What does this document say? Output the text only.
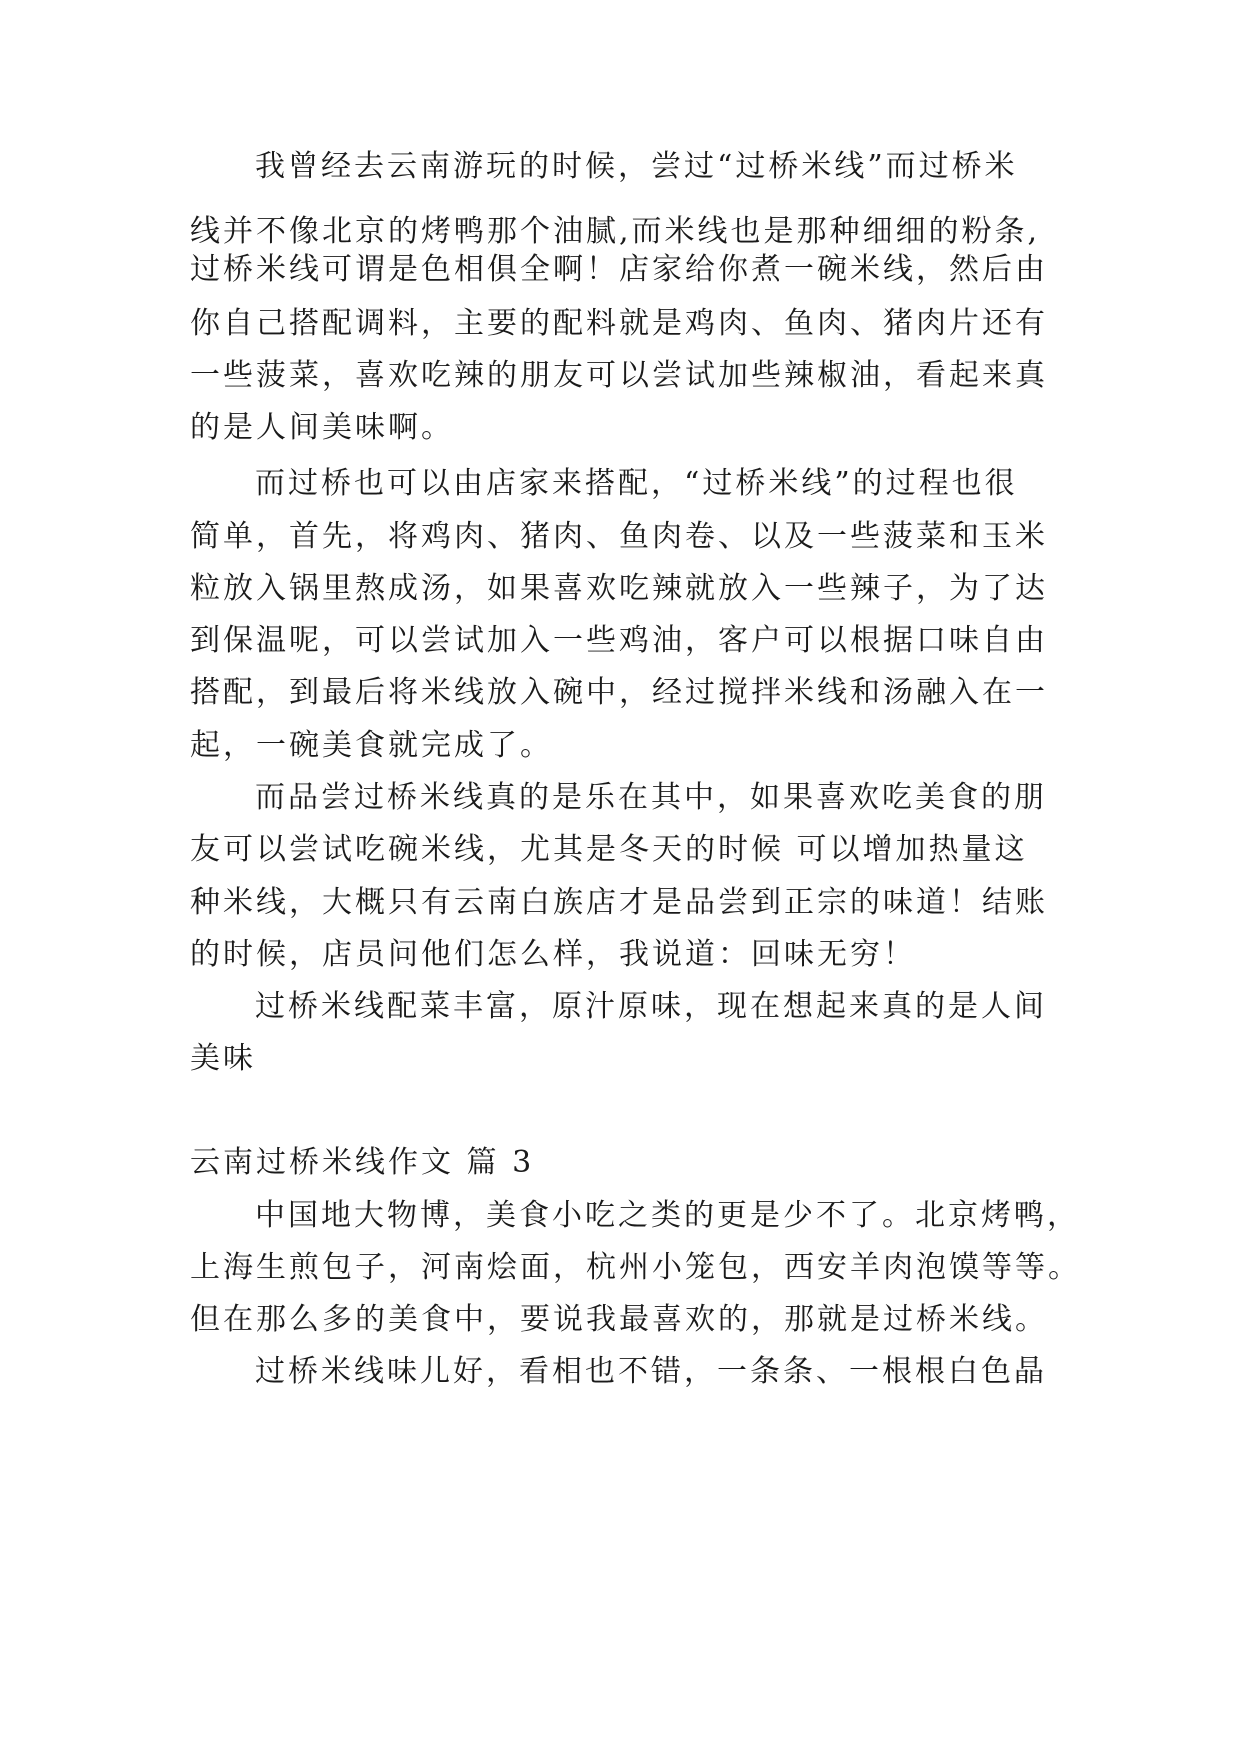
我曾经去云南游玩的时候，尝过“过桥米线”而过桥米
线并不像北京的烤鸭那个油腻,而米线也是那种细细的粉条,
过桥米线可谓是色相俱全啊！店家给你煮一碗米线，然后由
你自己搭配调料，主要的配料就是鸡肉、鱼肉、猪肉片还有
一些菠菜，喜欢吃辣的朋友可以尝试加些辣椒油，看起来真
的是人间美味啊。
而过桥也可以由店家来搭配，“过桥米线”的过程也很
简单，首先，将鸡肉、猪肉、鱼肉卷、以及一些菠菜和玉米
粒放入锅里熬成汤，如果喜欢吃辣就放入一些辣子，为了达
到保温呢，可以尝试加入一些鸡油，客户可以根据口味自由
搭配，到最后将米线放入碗中，经过搅拌米线和汤融入在一
起，一碗美食就完成了。
而品尝过桥米线真的是乐在其中，如果喜欢吃美食的朋
友可以尝试吃碗米线，尤其是冬天的时候 可以增加热量这
种米线，大概只有云南白族店才是品尝到正宗的味道！结账
的时候，店员问他们怎么样，我说道：回味无穷！
过桥米线配菜丰富，原汁原味，现在想起来真的是人间
美味
云南过桥米线作文 篇 3
中国地大物博，美食小吃之类的更是少不了。北京烤鸭，
上海生煎包子，河南烩面，杭州小笼包，西安羊肉泡馍等等。
但在那么多的美食中，要说我最喜欢的，那就是过桥米线。
过桥米线味儿好，看相也不错，一条条、一根根白色晶
